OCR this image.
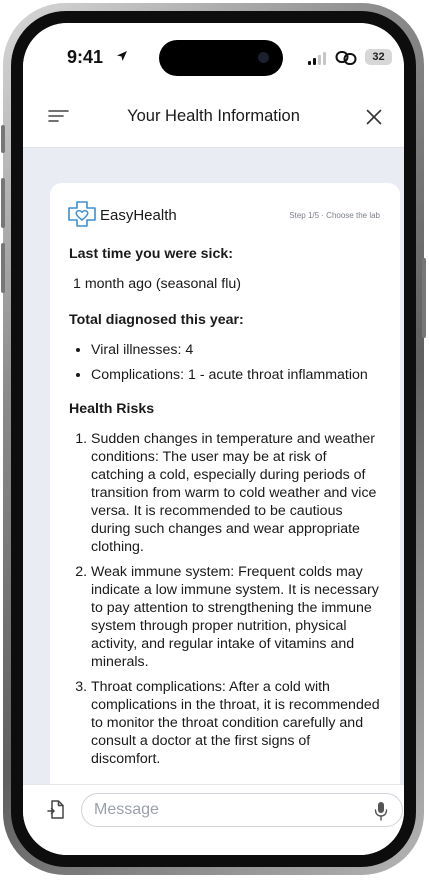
9:41	32
Your Health Information
EasyHealth	Step 1/5 · Choose the lab
Last time you were sick:
1 month ago (seasonal flu)
Total diagnosed this year:
• Viral illnesses: 4
• Complications: 1 - acute throat inflammation
Health Risks
1. Sudden changes in temperature and weather conditions: The user may be at risk of catching a cold, especially during periods of transition from warm to cold weather and vice versa. It is recommended to be cautious during such changes and wear appropriate clothing.
2. Weak immune system: Frequent colds may indicate a low immune system. It is necessary to pay attention to strengthening the immune system through proper nutrition, physical activity, and regular intake of vitamins and minerals.
3. Throat complications: After a cold with complications in the throat, it is recommended to monitor the throat condition carefully and consult a doctor at the first signs of discomfort.
Message
